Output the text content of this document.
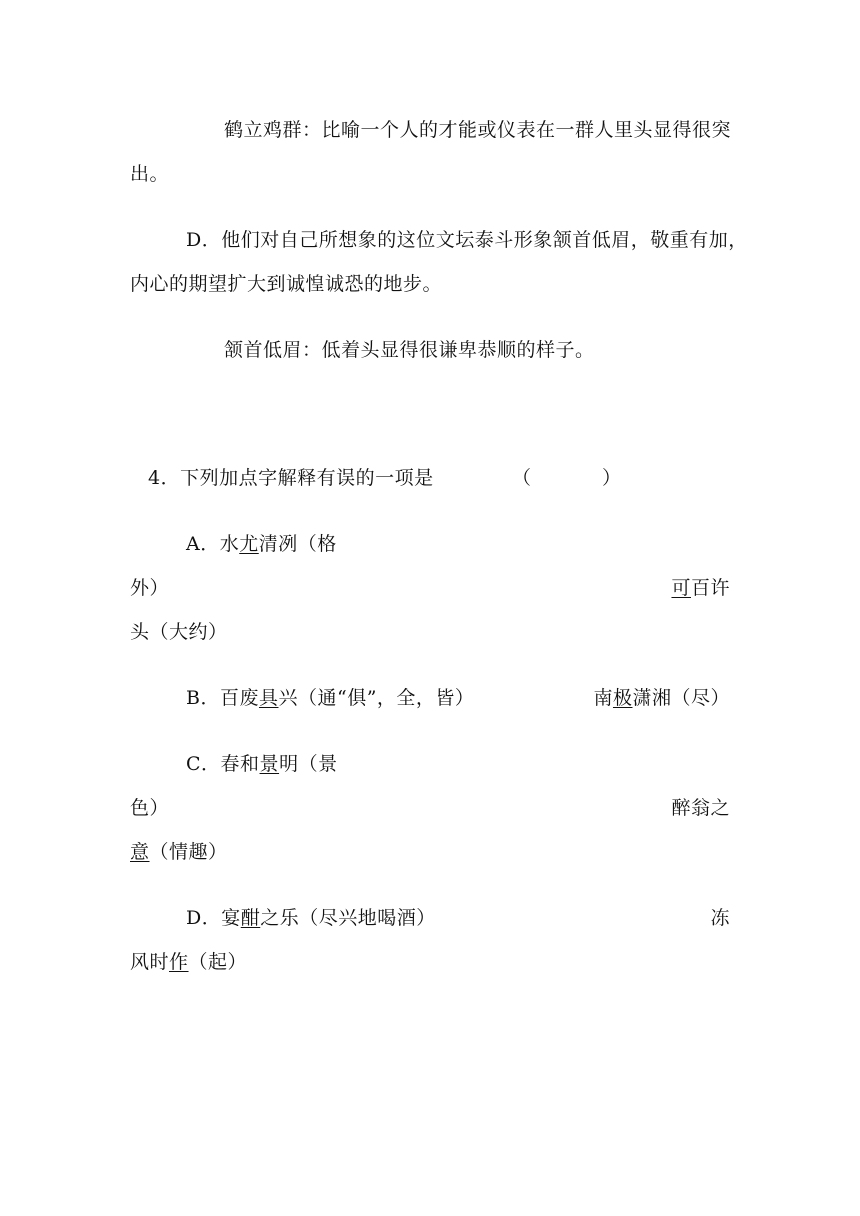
鹤立鸡群：比喻一个人的才能或仪表在一群人里头显得很突
出。
D．他们对自己所想象的这位文坛泰斗形象颔首低眉，敬重有加，
内心的期望扩大到诚惶诚恐的地步。
颔首低眉：低着头显得很谦卑恭顺的样子。
4．下列加点字解释有误的一项是	（	）
A．水尤清冽（格
外）	可百许
头（大约）
B．百废具兴（通“俱”，全，皆）	南极潇湘（尽）
C．春和景明（景
色）	醉翁之
意（情趣）
D．宴酣之乐（尽兴地喝酒）	冻
风时作（起）
